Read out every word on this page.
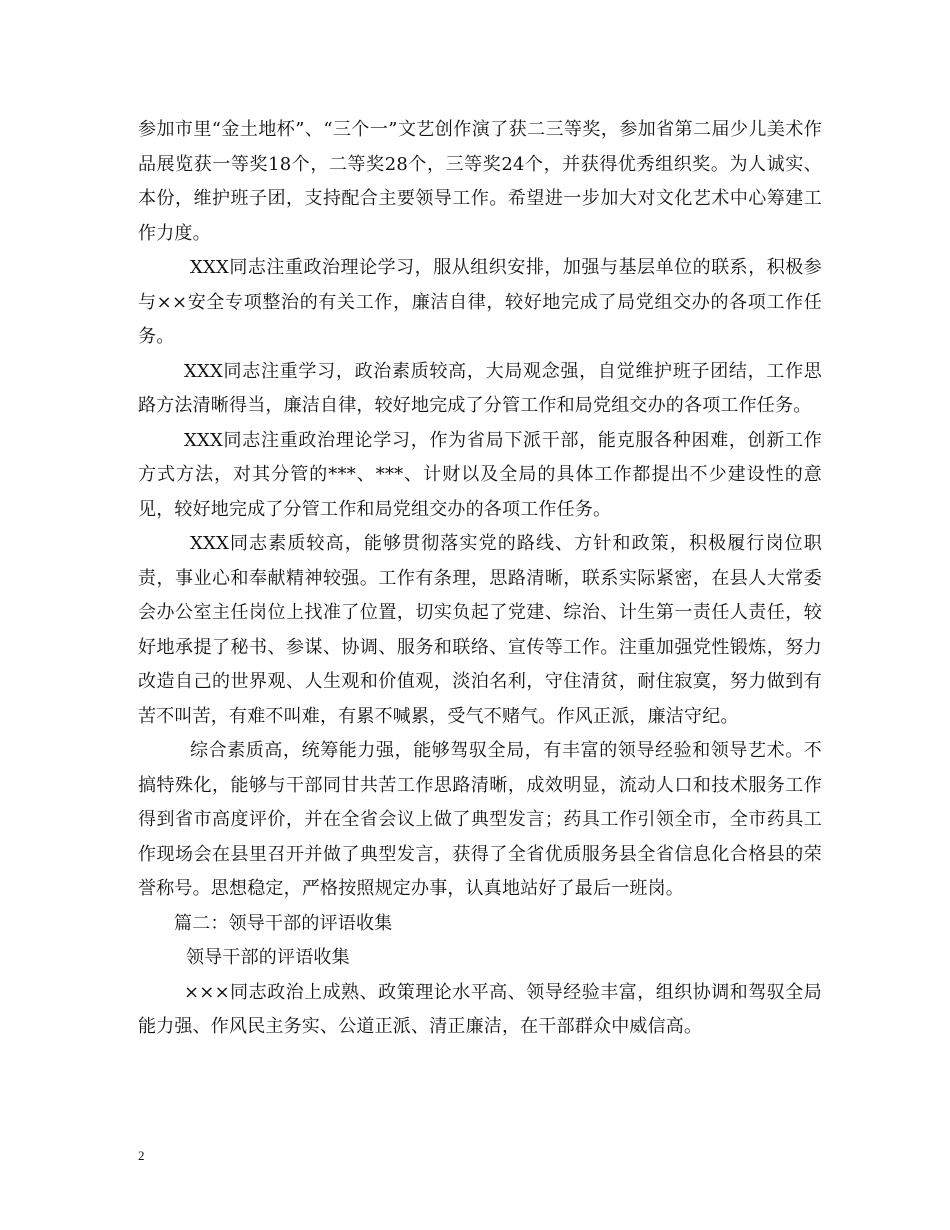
参加市里“金土地杯”、“三个一”文艺创作演了获二三等奖，参加省第二届少儿美术作品展览获一等奖18个，二等奖28个，三等奖24个，并获得优秀组织奖。为人诚实、本份，维护班子团，支持配合主要领导工作。希望进一步加大对文化艺术中心筹建工作力度。

XXX同志注重政治理论学习，服从组织安排，加强与基层单位的联系，积极参与××安全专项整治的有关工作，廉洁自律，较好地完成了局党组交办的各项工作任务。

XXX同志注重学习，政治素质较高，大局观念强，自觉维护班子团结，工作思路方法清晰得当，廉洁自律，较好地完成了分管工作和局党组交办的各项工作任务。

XXX同志注重政治理论学习，作为省局下派干部，能克服各种困难，创新工作方式方法，对其分管的***、***、计财以及全局的具体工作都提出不少建设性的意见，较好地完成了分管工作和局党组交办的各项工作任务。

XXX同志素质较高，能够贯彻落实党的路线、方针和政策，积极履行岗位职责，事业心和奉献精神较强。工作有条理，思路清晰，联系实际紧密，在县人大常委会办公室主任岗位上找准了位置，切实负起了党建、综治、计生第一责任人责任，较好地承提了秘书、参谋、协调、服务和联络、宣传等工作。注重加强党性锻炼，努力改造自己的世界观、人生观和价值观，淡泊名利，守住清贫，耐住寂寞，努力做到有苦不叫苦，有难不叫难，有累不喊累，受气不赌气。作风正派，廉洁守纪。

综合素质高，统筹能力强，能够驾驭全局，有丰富的领导经验和领导艺术。不搞特殊化，能够与干部同甘共苦工作思路清晰，成效明显，流动人口和技术服务工作得到省市高度评价，并在全省会议上做了典型发言；药具工作引领全市，全市药具工作现场会在县里召开并做了典型发言，获得了全省优质服务县全省信息化合格县的荣誉称号。思想稳定，严格按照规定办事，认真地站好了最后一班岗。

篇二：领导干部的评语收集

领导干部的评语收集

×××同志政治上成熟、政策理论水平高、领导经验丰富，组织协调和驾驭全局能力强、作风民主务实、公道正派、清正廉洁，在干部群众中威信高。

2
